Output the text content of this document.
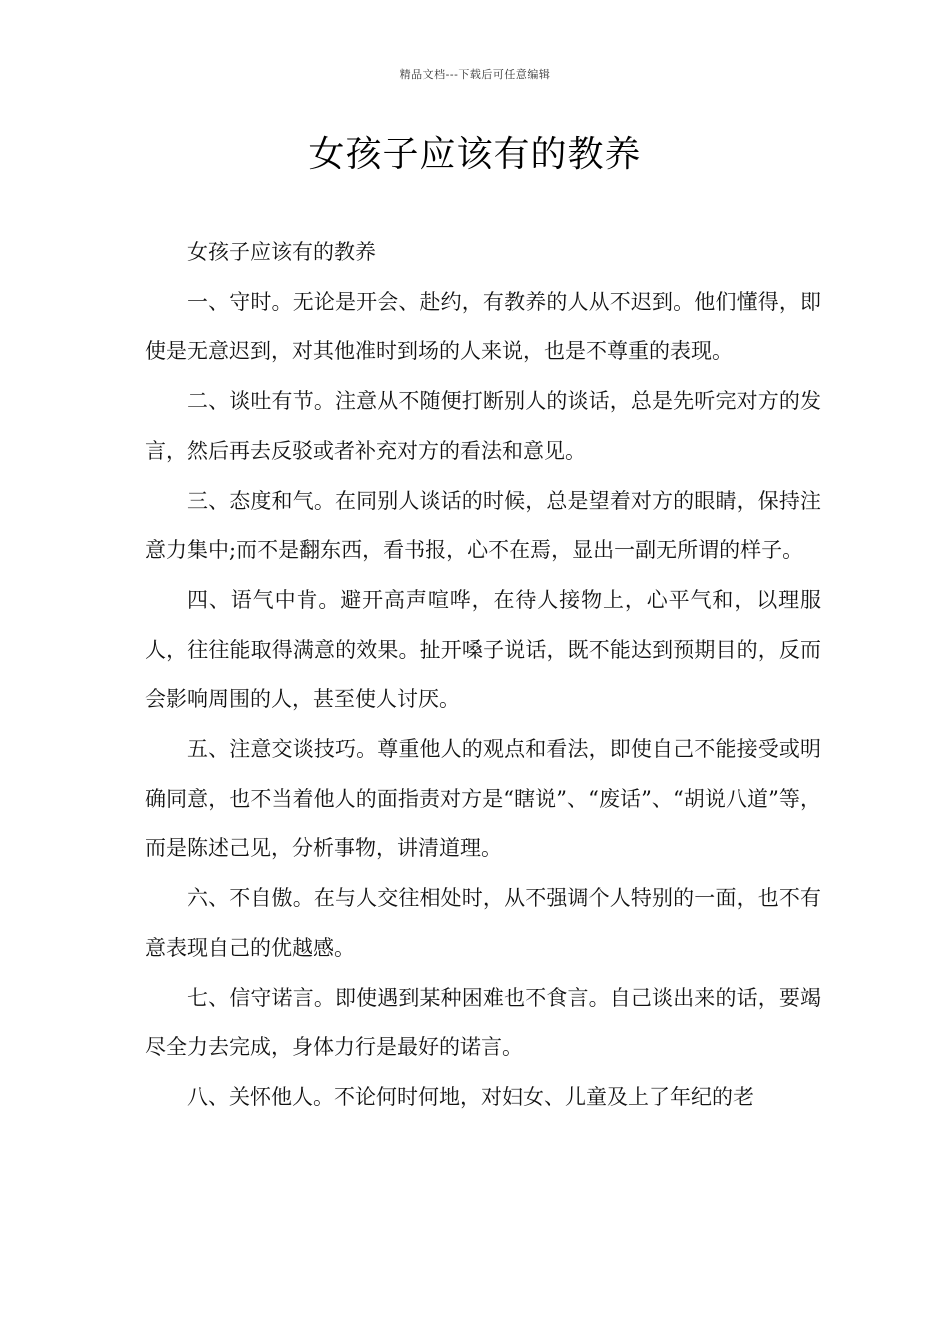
精品文档---下载后可任意编辑
女孩子应该有的教养

女孩子应该有的教养

一、守时。无论是开会、赴约，有教养的人从不迟到。他们懂得，即使是无意迟到，对其他准时到场的人来说，也是不尊重的表现。

二、谈吐有节。注意从不随便打断别人的谈话，总是先听完对方的发言，然后再去反驳或者补充对方的看法和意见。

三、态度和气。在同别人谈话的时候，总是望着对方的眼睛，保持注意力集中;而不是翻东西，看书报，心不在焉，显出一副无所谓的样子。

四、语气中肯。避开高声喧哗，在待人接物上，心平气和，以理服人，往往能取得满意的效果。扯开嗓子说话，既不能达到预期目的，反而会影响周围的人，甚至使人讨厌。

五、注意交谈技巧。尊重他人的观点和看法，即使自己不能接受或明确同意，也不当着他人的面指责对方是“瞎说”、“废话”、“胡说八道”等，而是陈述己见，分析事物，讲清道理。

六、不自傲。在与人交往相处时，从不强调个人特别的一面，也不有意表现自己的优越感。

七、信守诺言。即使遇到某种困难也不食言。自己谈出来的话，要竭尽全力去完成，身体力行是最好的诺言。

八、关怀他人。不论何时何地，对妇女、儿童及上了年纪的老
